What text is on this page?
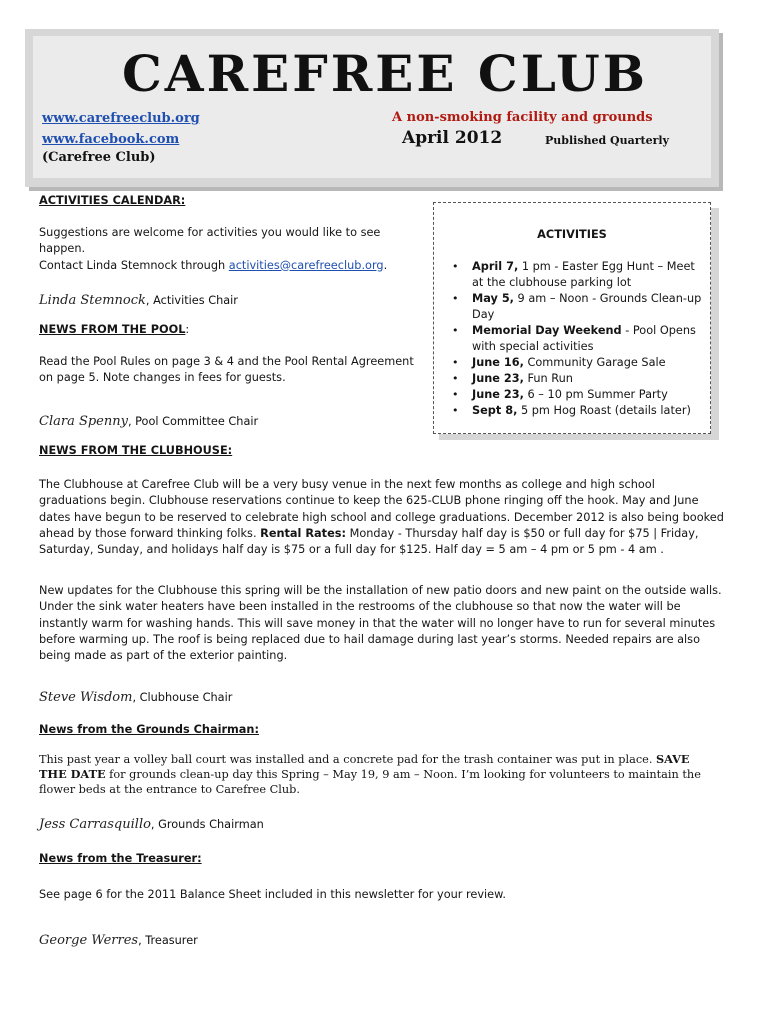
CAREFREE CLUB
www.carefreeclub.org
www.facebook.com
(Carefree Club)
A non-smoking facility and grounds
April 2012	Published Quarterly
ACTIVITIES CALENDAR:
Suggestions are welcome for activities you would like to see happen.
Contact Linda Stemnock through activities@carefreeclub.org.
Linda Stemnock, Activities Chair
NEWS FROM THE POOL:
Read the Pool Rules on page 3 & 4 and the Pool Rental Agreement on page 5. Note changes in fees for guests.
Clara Spenny, Pool Committee Chair
ACTIVITIES
• April 7, 1 pm - Easter Egg Hunt – Meet at the clubhouse parking lot
• May 5, 9 am – Noon - Grounds Clean-up Day
• Memorial Day Weekend - Pool Opens with special activities
• June 16, Community Garage Sale
• June 23, Fun Run
• June 23, 6 – 10 pm Summer Party
• Sept 8, 5 pm Hog Roast (details later)
NEWS FROM THE CLUBHOUSE:
The Clubhouse at Carefree Club will be a very busy venue in the next few months as college and high school graduations begin. Clubhouse reservations continue to keep the 625-CLUB phone ringing off the hook. May and June dates have begun to be reserved to celebrate high school and college graduations. December 2012 is also being booked ahead by those forward thinking folks. Rental Rates: Monday - Thursday half day is $50 or full day for $75 | Friday, Saturday, Sunday, and holidays half day is $75 or a full day for $125. Half day = 5 am – 4 pm or 5 pm - 4 am .
New updates for the Clubhouse this spring will be the installation of new patio doors and new paint on the outside walls. Under the sink water heaters have been installed in the restrooms of the clubhouse so that now the water will be instantly warm for washing hands. This will save money in that the water will no longer have to run for several minutes before warming up. The roof is being replaced due to hail damage during last year’s storms. Needed repairs are also being made as part of the exterior painting.
Steve Wisdom, Clubhouse Chair
News from the Grounds Chairman:
This past year a volley ball court was installed and a concrete pad for the trash container was put in place. SAVE THE DATE for grounds clean-up day this Spring – May 19, 9 am – Noon. I’m looking for volunteers to maintain the flower beds at the entrance to Carefree Club.
Jess Carrasquillo, Grounds Chairman
News from the Treasurer:
See page 6 for the 2011 Balance Sheet included in this newsletter for your review.
George Werres, Treasurer
